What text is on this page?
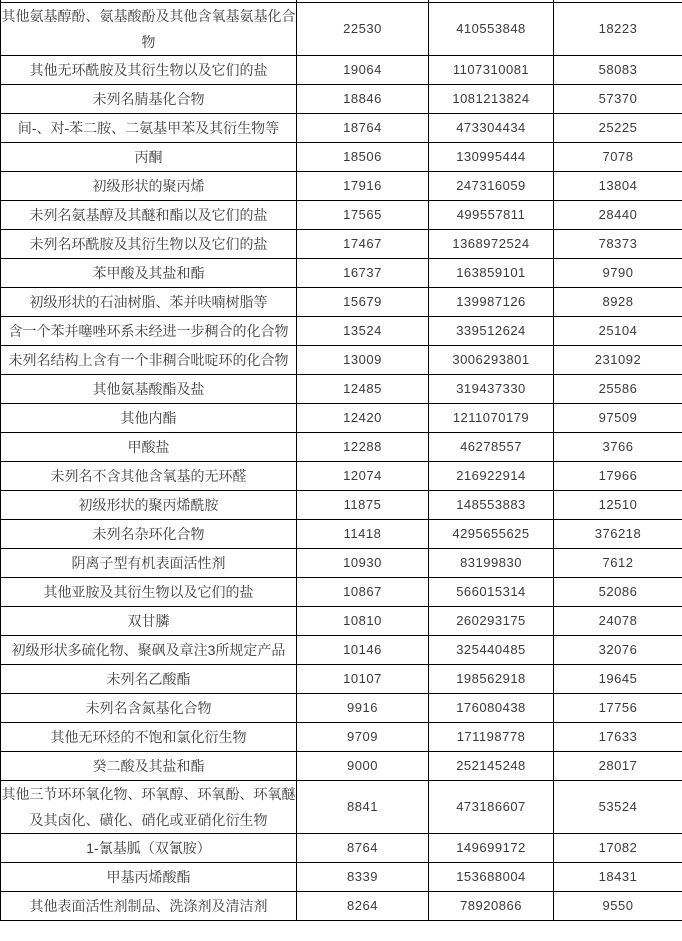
其他氨基醇酚、氨基酸酚及其他含氧基氨基化合物	22530	410553848	18223
其他无环酰胺及其衍生物以及它们的盐	19064	1107310081	58083
未列名腈基化合物	18846	1081213824	57370
间-、对-苯二胺、二氨基甲苯及其衍生物等	18764	473304434	25225
丙酮	18506	130995444	7078
初级形状的聚丙烯	17916	247316059	13804
未列名氨基醇及其醚和酯以及它们的盐	17565	499557811	28440
未列名环酰胺及其衍生物以及它们的盐	17467	1368972524	78373
苯甲酸及其盐和酯	16737	163859101	9790
初级形状的石油树脂、苯并呋喃树脂等	15679	139987126	8928
含一个苯并噻唑环系未经进一步稠合的化合物	13524	339512624	25104
未列名结构上含有一个非稠合吡啶环的化合物	13009	3006293801	231092
其他氨基酸酯及盐	12485	319437330	25586
其他内酯	12420	1211070179	97509
甲酸盐	12288	46278557	3766
未列名不含其他含氧基的无环醛	12074	216922914	17966
初级形状的聚丙烯酰胺	11875	148553883	12510
未列名杂环化合物	11418	4295655625	376218
阴离子型有机表面活性剂	10930	83199830	7612
其他亚胺及其衍生物以及它们的盐	10867	566015314	52086
双甘膦	10810	260293175	24078
初级形状多硫化物、聚砜及章注3所规定产品	10146	325440485	32076
未列名乙酸酯	10107	198562918	19645
未列名含氮基化合物	9916	176080438	17756
其他无环烃的不饱和氯化衍生物	9709	171198778	17633
癸二酸及其盐和酯	9000	252145248	28017
其他三节环环氧化物、环氧醇、环氧酚、环氧醚及其卤化、磺化、硝化或亚硝化衍生物	8841	473186607	53524
1-氰基胍（双氰胺）	8764	149699172	17082
甲基丙烯酸酯	8339	153688004	18431
其他表面活性剂制品、洗涤剂及清洁剂	8264	78920866	9550
